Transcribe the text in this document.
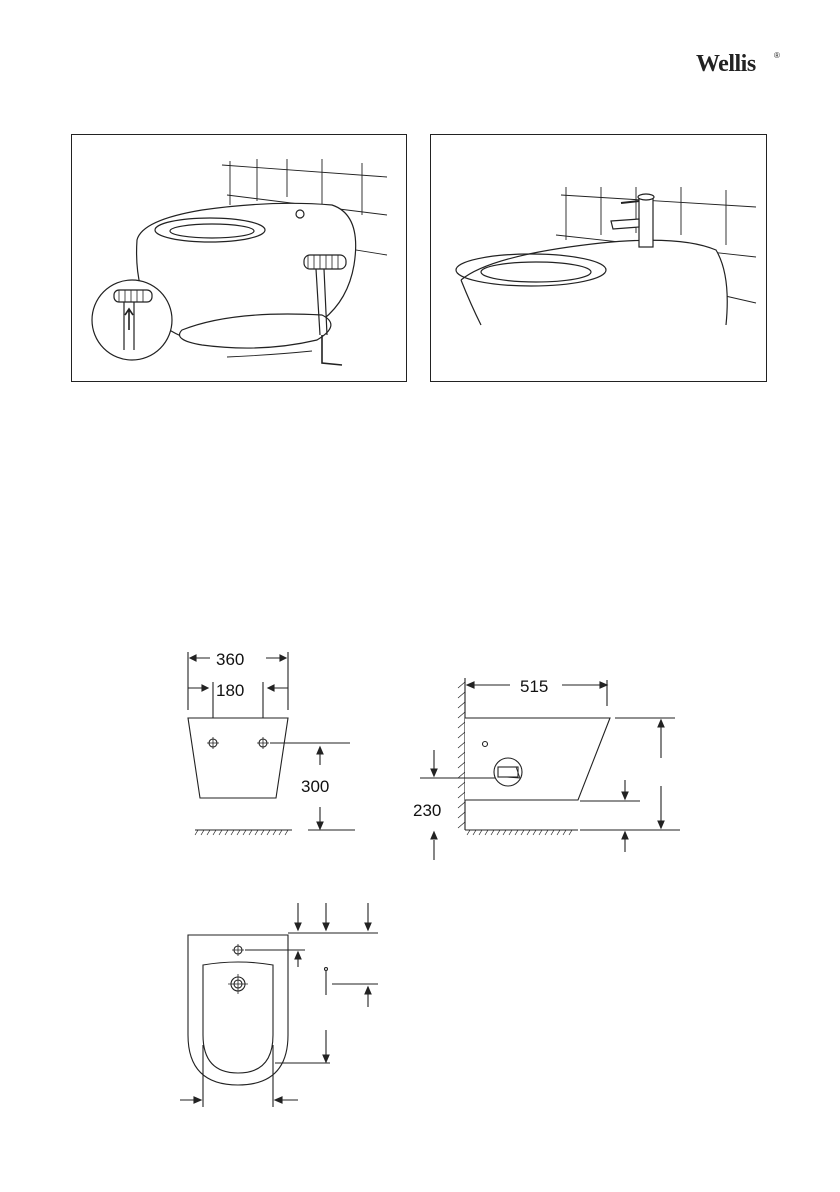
Wellis ®
360
180
300
515
230
